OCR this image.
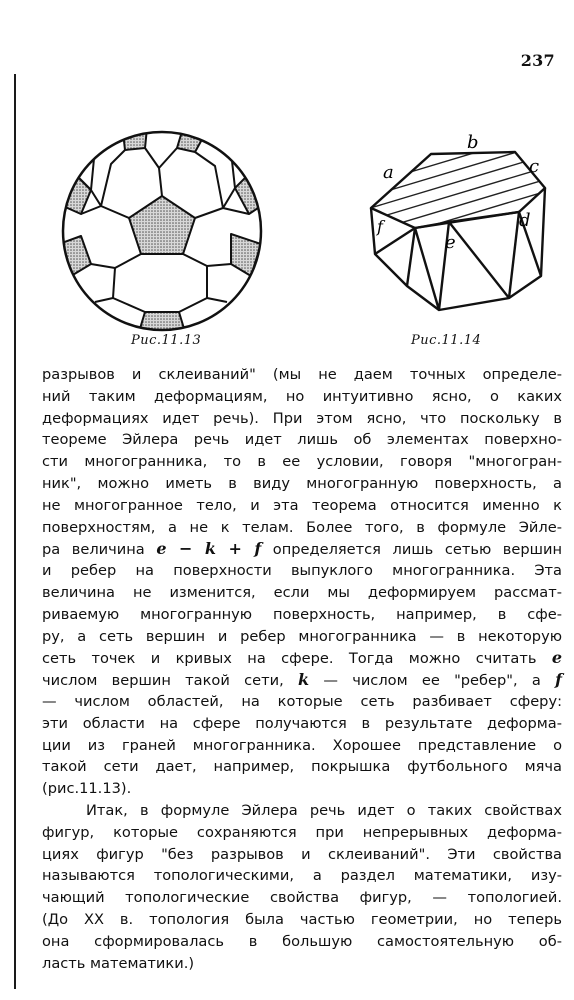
237
Рис.11.13
a
b
c
d
e
f
Рис.11.14
разрывов и склеиваний" (мы не даем точных определе-
ний таким деформациям, но интуитивно ясно, о каких
деформациях идет речь). При этом ясно, что поскольку в
теореме Эйлера речь идет лишь об элементах поверхно-
сти многогранника, то в ее условии, говоря "многогран-
ник", можно иметь в виду многогранную поверхность, а
не многогранное тело, и эта теорема относится именно к
поверхностям, а не к телам. Более того, в формуле Эйле-
ра величина e − k + f определяется лишь сетью вершин
и ребер на поверхности выпуклого многогранника. Эта
величина не изменится, если мы деформируем рассмат-
риваемую многогранную поверхность, например, в сфе-
ру, а сеть вершин и ребер многогранника — в некоторую
сеть точек и кривых на сфере. Тогда можно считать e
числом вершин такой сети, k — числом ее "ребер", а f
— числом областей, на которые сеть разбивает сферу:
эти области на сфере получаются в результате деформа-
ции из граней многогранника. Хорошее представление о
такой сети дает, например, покрышка футбольного мяча
(рис.11.13).
Итак, в формуле Эйлера речь идет о таких свойствах
фигур, которые сохраняются при непрерывных деформа-
циях фигур "без разрывов и склеиваний". Эти свойства
называются топологическими, а раздел математики, изу-
чающий топологические свойства фигур, — топологией.
(До XX в. топология была частью геометрии, но теперь
она сформировалась в большую самостоятельную об-
ласть математики.)
